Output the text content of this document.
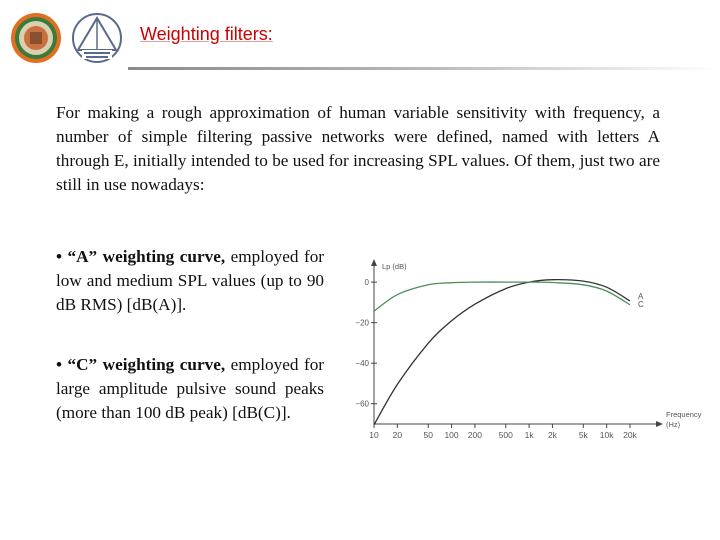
Weighting filters:
For making a rough approximation of human variable sensitivity with frequency, a number of simple filtering passive networks were defined, named with letters A through E, initially intended to be used for increasing SPL values. Of them, just two are still in use nowadays:
• “A” weighting curve, employed for low and medium SPL values (up to 90 dB RMS) [dB(A)].
• “C” weighting curve, employed for large amplitude pulsive sound peaks (more than 100 dB peak) [dB(C)].
0
−20
−40
−60
10 20	50 100 200 500 1k 2k	5k 10k 20k
Lp (dB)
Frequency
(Hz)
A
C
